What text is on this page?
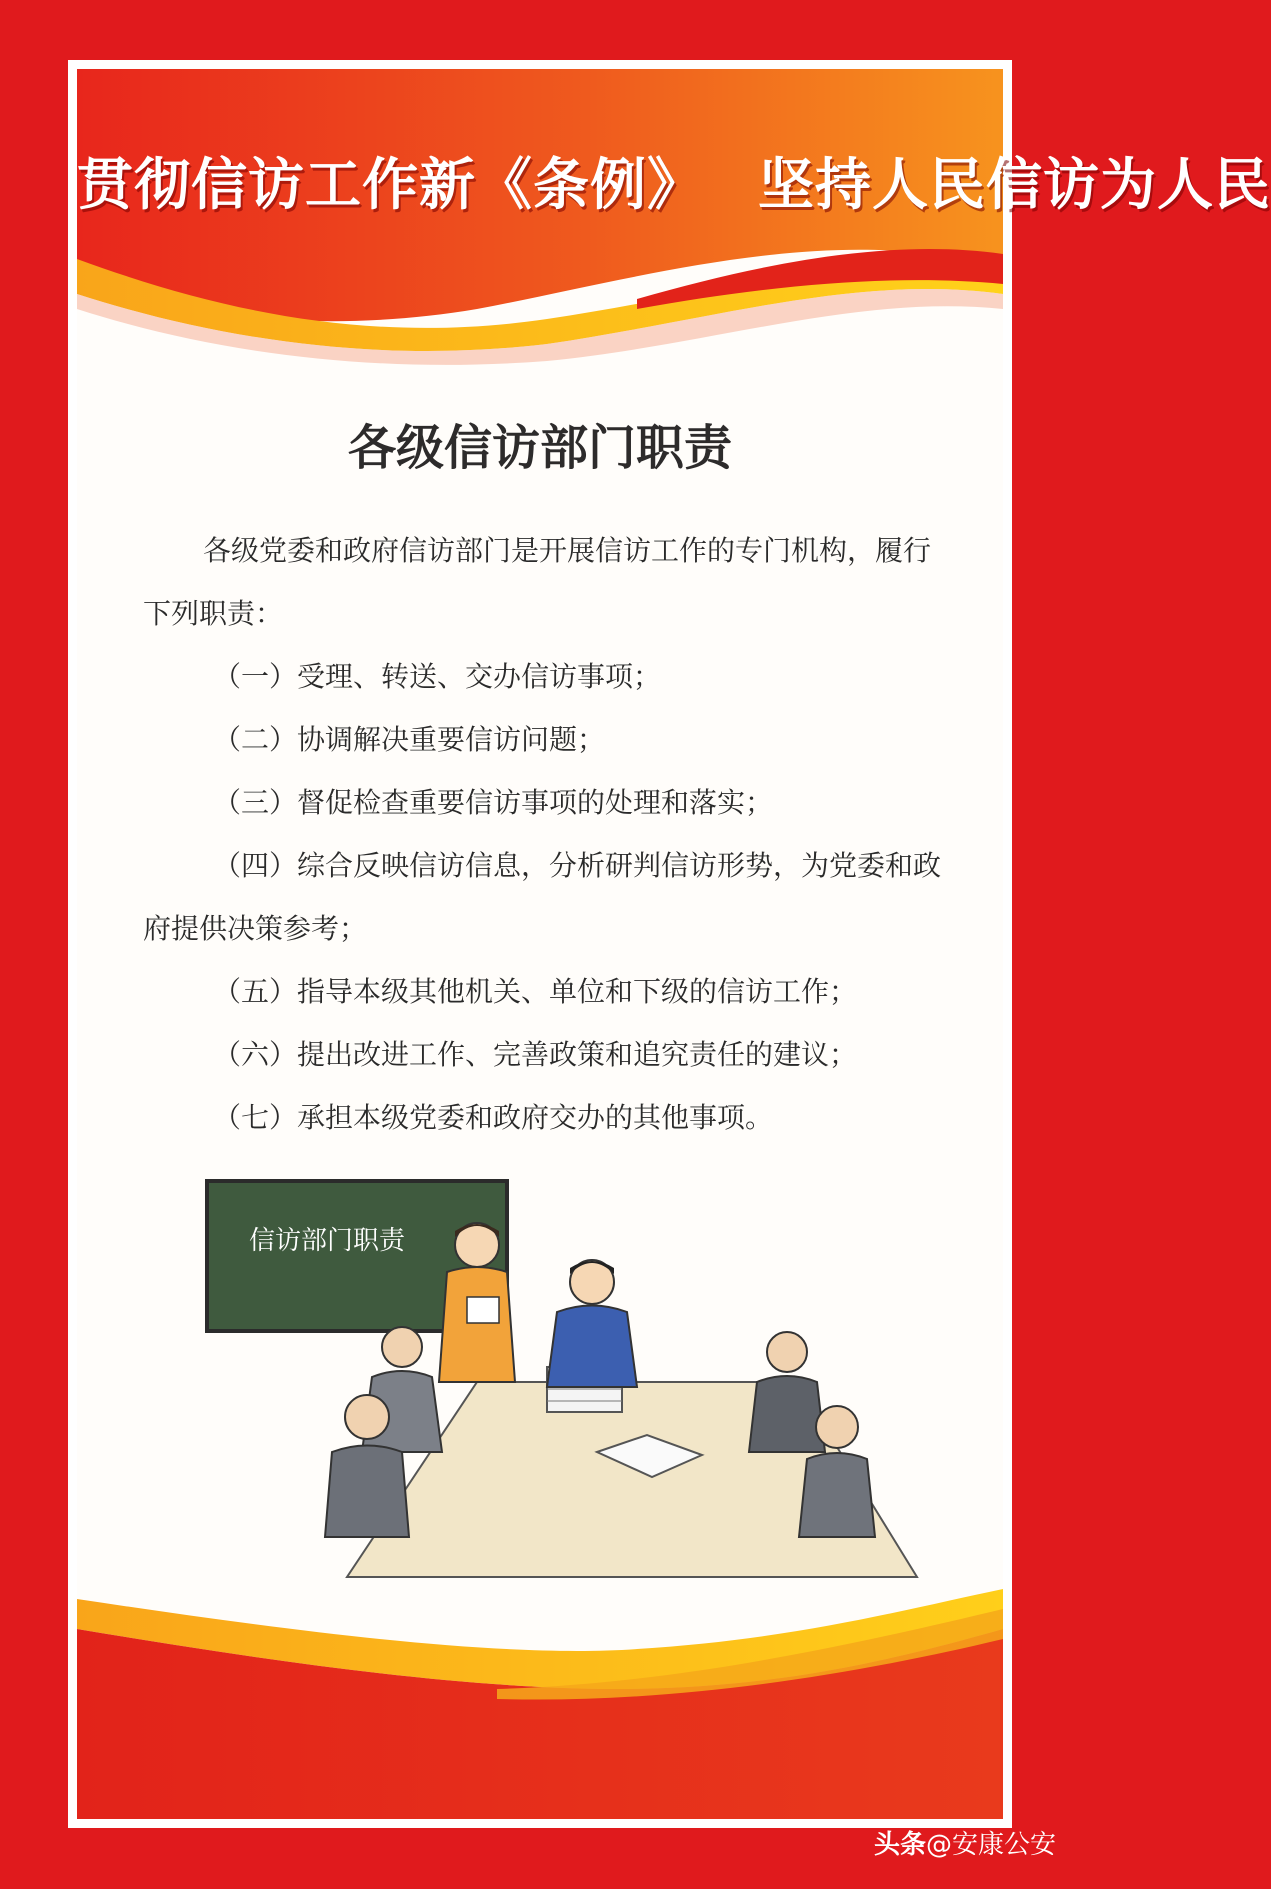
贯彻信访工作新《条例》 坚持人民信访为人民
各级信访部门职责

各级党委和政府信访部门是开展信访工作的专门机构，履行下列职责：

（一）受理、转送、交办信访事项；

（二）协调解决重要信访问题；

（三）督促检查重要信访事项的处理和落实；

（四）综合反映信访信息，分析研判信访形势，为党委和政府提供决策参考；

（五）指导本级其他机关、单位和下级的信访工作；

（六）提出改进工作、完善政策和追究责任的建议；

（七）承担本级党委和政府交办的其他事项。

信访部门职责
头条@安康公安
